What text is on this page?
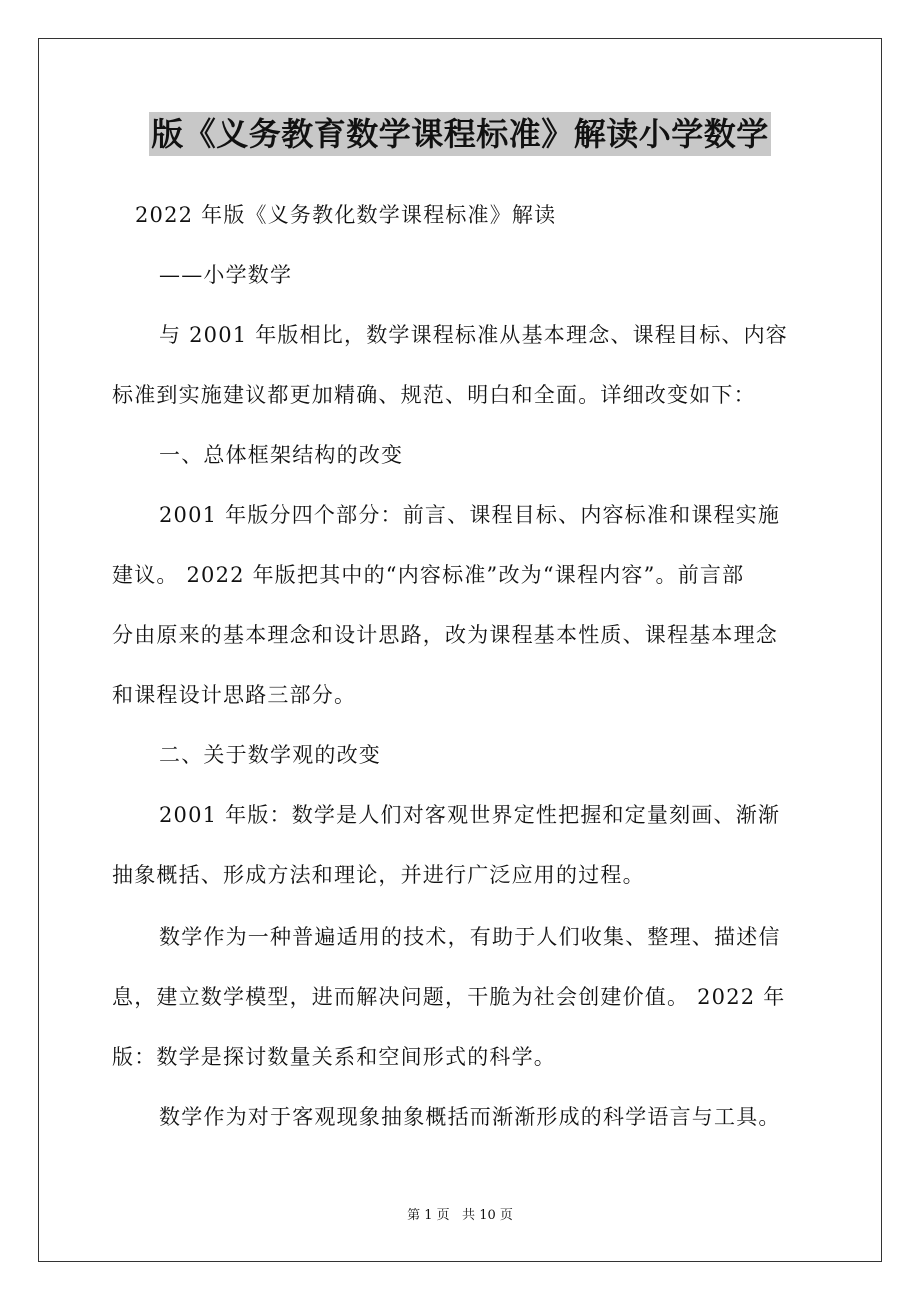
版《义务教育数学课程标准》解读小学数学
2022 年版《义务教化数学课程标准》解读
——小学数学
与 2001 年版相比，数学课程标准从基本理念、课程目标、内容
标准到实施建议都更加精确、规范、明白和全面。详细改变如下：
一、总体框架结构的改变
2001 年版分四个部分：前言、课程目标、内容标准和课程实施
建议。 2022 年版把其中的“内容标准”改为“课程内容”。前言部
分由原来的基本理念和设计思路，改为课程基本性质、课程基本理念
和课程设计思路三部分。
二、关于数学观的改变
2001 年版：数学是人们对客观世界定性把握和定量刻画、渐渐
抽象概括、形成方法和理论，并进行广泛应用的过程。
数学作为一种普遍适用的技术，有助于人们收集、整理、描述信
息，建立数学模型，进而解决问题，干脆为社会创建价值。 2022 年
版：数学是探讨数量关系和空间形式的科学。
数学作为对于客观现象抽象概括而渐渐形成的科学语言与工具。
第 1 页   共 10 页
